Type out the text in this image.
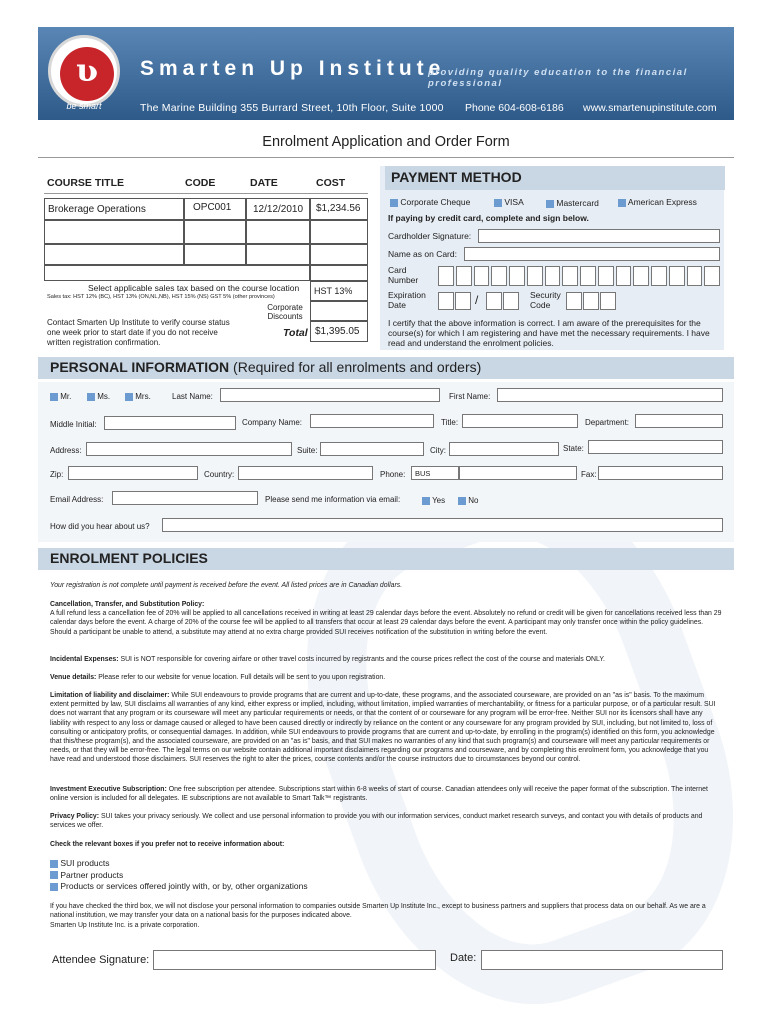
ʋ
be smart
Smarten Up Institute
providing quality education to the financial professional
The Marine Building 355 Burrard Street, 10th Floor, Suite 1000 Phone 604-608-6186 www.smartenupinstitute.com
Enrolment Application and Order Form
COURSE TITLE	CODE	DATE	COST
Brokerage Operations	OPC001	12/12/2010	$1,234.56
Select applicable sales tax based on the course location
Sales tax: HST 12% (BC), HST 13% (ON,NL,NB), HST 15% (NS) GST 5% (other provinces)
HST 13%
Corporate Discounts
Total $1,395.05
Contact Smarten Up Institute to verify course status one week prior to start date if you do not receive written registration confirmation.
PAYMENT METHOD
Corporate Cheque	VISA	Mastercard	American Express
If paying by credit card, complete and sign below.
Cardholder Signature:
Name as on Card:
Card Number
Expiration Date	/	Security Code
I certify that the above information is correct. I am aware of the prerequisites for the course(s) for which I am registering and have met the necessary requirements. I have read and understand the enrolment policies.
PERSONAL INFORMATION (Required for all enrolments and orders)
Mr.	Ms.	Mrs.	Last Name:	First Name:
Middle Initial:	Company Name:	Title:	Department:
Address:	Suite:	City:	State:
Zip:	Country:	Phone:	BUS	Fax:
Email Address:	Please send me information via email:	Yes	No
How did you hear about us?
ENROLMENT POLICIES
Your registration is not complete until payment is received before the event. All listed prices are in Canadian dollars.
Cancellation, Transfer, and Substitution Policy:
A full refund less a cancellation fee of 20% will be applied to all cancellations received in writing at least 29 calendar days before the event. Absolutely no refund or credit will be given for cancellations received less than 29 calendar days before the event. A charge of 20% of the course fee will be applied to all transfers that occur at least 29 calendar days before the event. A participant may only transfer once within the policy guidelines. Should a participant be unable to attend, a substitute may attend at no extra charge provided SUI receives notification of the substitution in writing before the event.
Incidental Expenses: SUI is NOT responsible for covering airfare or other travel costs incurred by registrants and the course prices reflect the cost of the course and materials ONLY.
Venue details: Please refer to our website for venue location. Full details will be sent to you upon registration.
Limitation of liability and disclaimer: While SUI endeavours to provide programs that are current and up-to-date, these programs, and the associated courseware, are provided on an "as is" basis. To the maximum extent permitted by law, SUI disclaims all warranties of any kind, either express or implied, including, without limitation, implied warranties of merchantability, or fitness for a particular purpose, or of a particular result. SUI does not warrant that any program or its courseware will meet any particular requirements or needs, or that the content of or courseware for any program will be error-free. Neither SUI nor its licensors shall have any liability with respect to any loss or damage caused or alleged to have been caused directly or indirectly by reliance on the content or any courseware for any program provided by SUI, including, but not limited to, loss of consulting or anticipatory profits, or consequential damages. In addition, while SUI endeavours to provide programs that are current and up-to-date, by enrolling in the program(s) identified on this form, you acknowledge that this/these program(s), and the associated courseware, are provided on an "as is" basis, and that SUI makes no warranties of any kind that such program(s) and courseware will meet any particular requirements or needs, or that they will be error-free. The legal terms on our website contain additional important disclaimers regarding our programs and courseware, and by completing this enrolment form, you acknowledge that you have read and understood those disclaimers. SUI reserves the right to alter the prices, course contents and/or the course instructors due to circumstances beyond our control.
Investment Executive Subscription: One free subscription per attendee. Subscriptions start within 6-8 weeks of start of course. Canadian attendees only will receive the paper format of the subscription. The internet online version is included for all delegates. IE subscriptions are not available to Smart Talk™ registrants.
Privacy Policy: SUI takes your privacy seriously. We collect and use personal information to provide you with our information services, conduct market research surveys, and contact you with details of products and services we offer.
Check the relevant boxes if you prefer not to receive information about:
SUI products
Partner products
Products or services offered jointly with, or by, other organizations
If you have checked the third box, we will not disclose your personal information to companies outside Smarten Up Institute Inc., except to business partners and suppliers that process data on our behalf. As we are a national institution, we may transfer your data on a national basis for the purposes indicated above.
Smarten Up Institute Inc. is a private corporation.
Attendee Signature:	Date:
